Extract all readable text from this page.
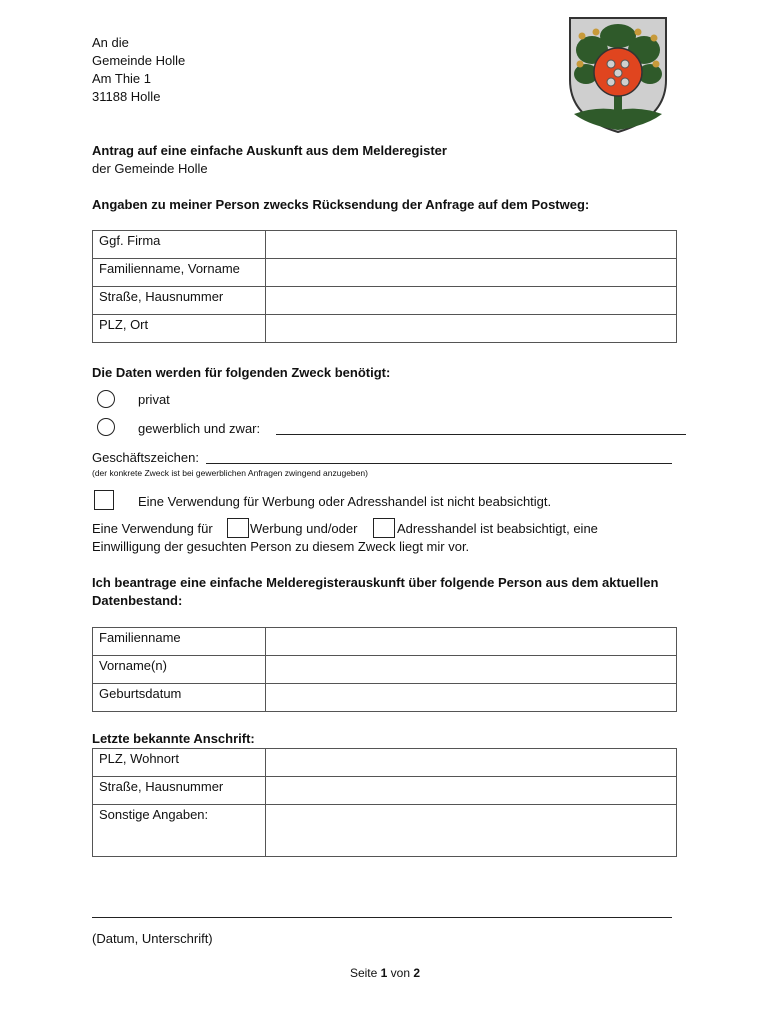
An die
Gemeinde Holle
Am Thie 1
31188 Holle
Antrag auf eine einfache Auskunft aus dem Melderegister
der Gemeinde Holle
Angaben zu meiner Person zwecks Rücksendung der Anfrage auf dem Postweg:
Ggf. Firma	
Familienname, Vorname	
Straße, Hausnummer	
PLZ, Ort	
Die Daten werden für folgenden Zweck benötigt:
privat
gewerblich und zwar:
Geschäftszeichen:
(der konkrete Zweck ist bei gewerblichen Anfragen zwingend anzugeben)
Eine Verwendung für Werbung oder Adresshandel ist nicht beabsichtigt.
Eine Verwendung für	Werbung und/oder	Adresshandel ist beabsichtigt, eine
Einwilligung der gesuchten Person zu diesem Zweck liegt mir vor.
Ich beantrage eine einfache Melderegisterauskunft über folgende Person aus dem aktuellen
Datenbestand:
Familienname	
Vorname(n)	
Geburtsdatum	
Letzte bekannte Anschrift:
PLZ, Wohnort	
Straße, Hausnummer	
Sonstige Angaben:	
(Datum, Unterschrift)
Seite 1 von 2
